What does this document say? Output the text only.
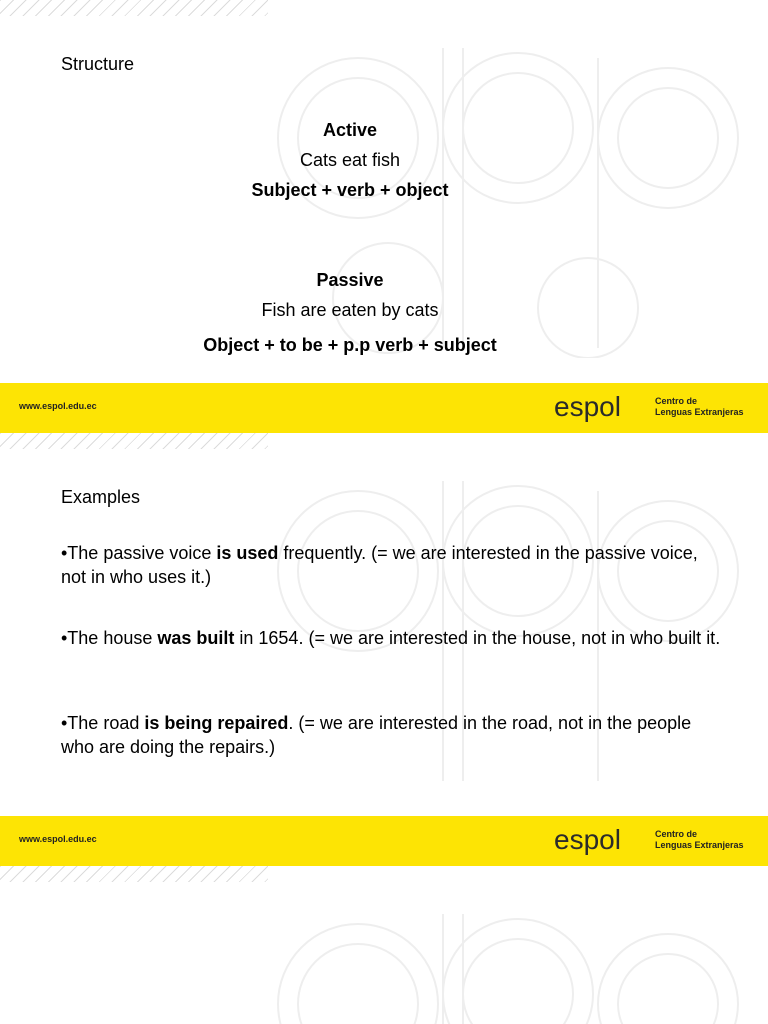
Structure
Active
Cats eat fish
Subject + verb + object
Passive
Fish are eaten by cats
Object + to be + p.p verb + subject
www.espol.edu.ec	espol	Centro de
Lenguas Extranjeras
Examples
•The passive voice is used frequently. (= we are interested in the passive voice, not in who uses it.)
•The house was built in 1654. (= we are interested in the house, not in who built it.
•The road is being repaired. (= we are interested in the road, not in the people who are doing the repairs.)
www.espol.edu.ec	espol	Centro de
Lenguas Extranjeras
